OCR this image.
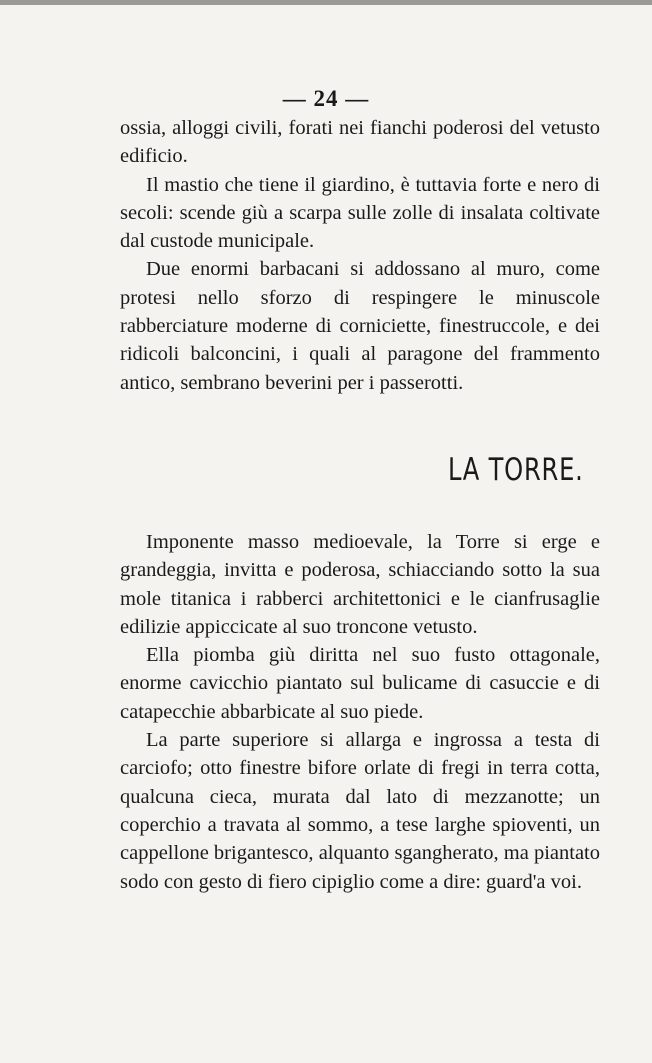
— 24 —

ossia, alloggi civili, forati nei fianchi poderosi del vetusto edificio.

Il mastio che tiene il giardino, è tuttavia forte e nero di secoli: scende giù a scarpa sulle zolle di insalata coltivate dal custode municipale.

Due enormi barbacani si addossano al muro, come protesi nello sforzo di respingere le minuscole rabberciature moderne di corniciette, finestruccole, e dei ridicoli balconcini, i quali al paragone del frammento antico, sembrano beverini per i passerotti.

LA TORRE.

Imponente masso medioevale, la Torre si erge e grandeggia, invitta e poderosa, schiacciando sotto la sua mole titanica i rabberci architettonici e le cianfrusaglie edilizie appiccicate al suo troncone vetusto.

Ella piomba giù diritta nel suo fusto ottagonale, enorme cavicchio piantato sul bulicame di casuccie e di catapecchie abbarbicate al suo piede.

La parte superiore si allarga e ingrossa a testa di carciofo; otto finestre bifore orlate di fregi in terra cotta, qualcuna cieca, murata dal lato di mezzanotte; un coperchio a travata al sommo, a tese larghe spioventi, un cappellone brigantesco, alquanto sgangherato, ma piantato sodo con gesto di fiero cipiglio come a dire: guard'a voi.
